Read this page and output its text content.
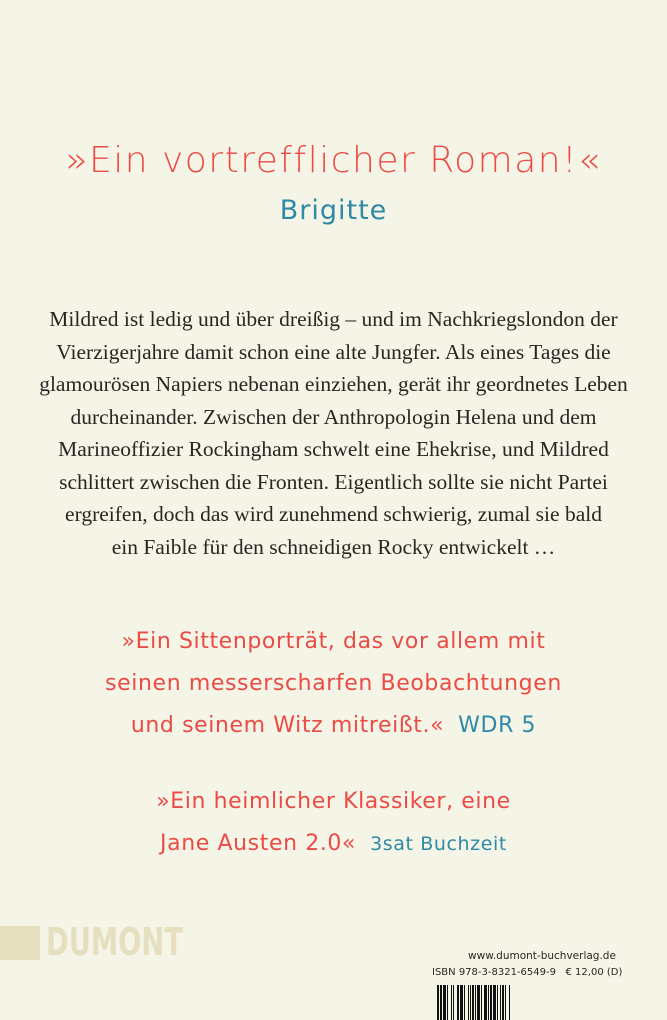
»Ein vortrefflicher Roman!«
Brigitte
Mildred ist ledig und über dreißig – und im Nachkriegslondon der
Vierzigerjahre damit schon eine alte Jungfer. Als eines Tages die
glamourösen Napiers nebenan einziehen, gerät ihr geordnetes Leben
durcheinander. Zwischen der Anthropologin Helena und dem
Marineoffizier Rockingham schwelt eine Ehekrise, und Mildred
schlittert zwischen die Fronten. Eigentlich sollte sie nicht Partei
ergreifen, doch das wird zunehmend schwierig, zumal sie bald
ein Faible für den schneidigen Rocky entwickelt …
»Ein Sittenporträt, das vor allem mit
seinen messerscharfen Beobachtungen
und seinem Witz mitreißt.« WDR 5
»Ein heimlicher Klassiker, eine
Jane Austen 2.0« 3sat Buchzeit
DUMONT	www.dumont-buchverlag.de
ISBN 978-3-8321-6549-9 € 12,00 (D)
